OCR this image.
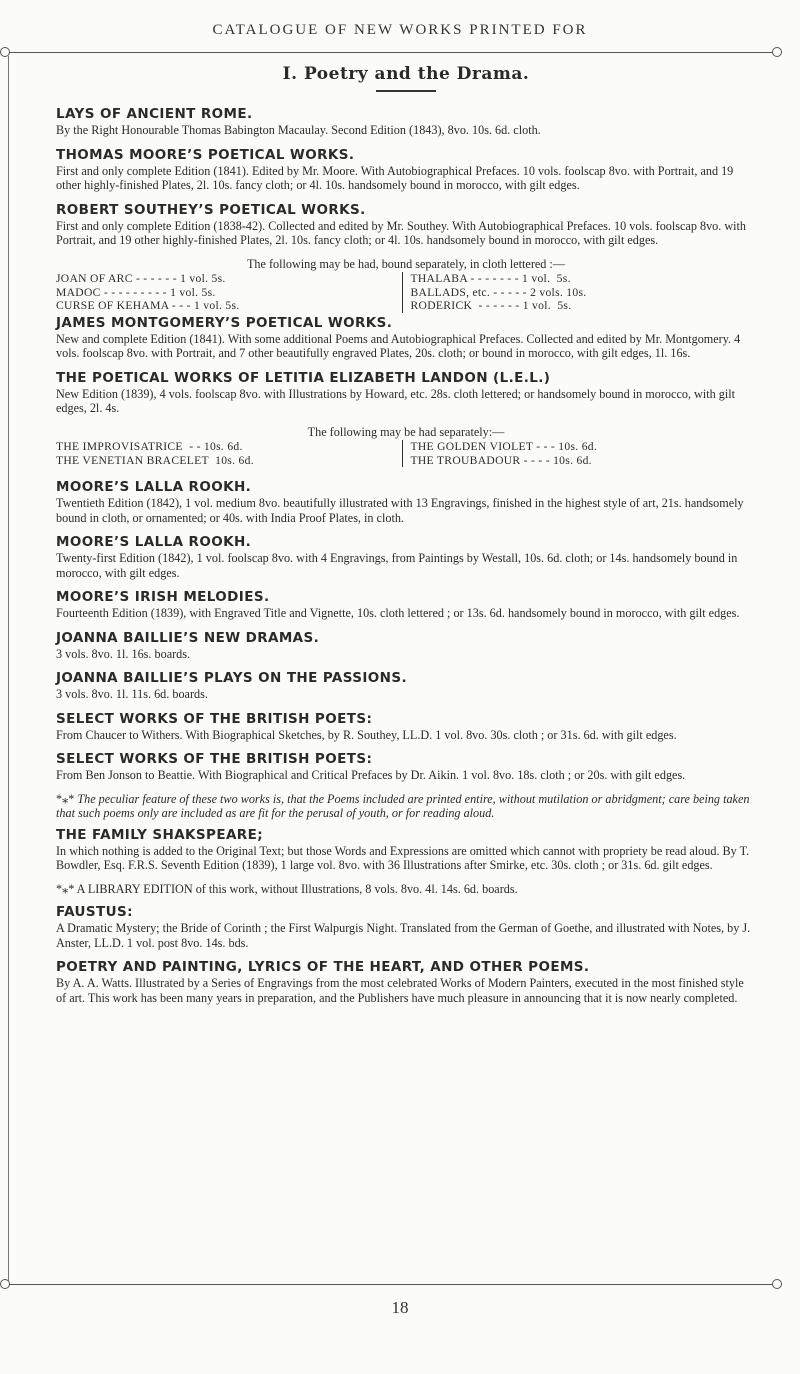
CATALOGUE OF NEW WORKS PRINTED FOR
I. Poetry and the Drama.
LAYS OF ANCIENT ROME.
By the Right Honourable Thomas Babington Macaulay. Second Edition (1843), 8vo. 10s. 6d. cloth.
THOMAS MOORE’S POETICAL WORKS.
First and only complete Edition (1841). Edited by Mr. Moore. With Autobiographical Prefaces. 10 vols. foolscap 8vo. with Portrait, and 19 other highly-finished Plates, 2l. 10s. fancy cloth; or 4l. 10s. handsomely bound in morocco, with gilt edges.
ROBERT SOUTHEY’S POETICAL WORKS.
First and only complete Edition (1838-42). Collected and edited by Mr. Southey. With Autobiographical Prefaces. 10 vols. foolscap 8vo. with Portrait, and 19 other highly-finished Plates, 2l. 10s. fancy cloth; or 4l. 10s. handsomely bound in morocco, with gilt edges.
The following may be had, bound separately, in cloth lettered :—
JOAN OF ARC - - - - - - 1 vol. 5s.
MADOC - - - - - - - - - 1 vol. 5s.
CURSE OF KEHAMA - - - 1 vol. 5s.
THALABA - - - - - - - 1 vol.  5s.
BALLADS, etc. - - - - - 2 vols. 10s.
RODERICK  - - - - - - 1 vol.  5s.
JAMES MONTGOMERY’S POETICAL WORKS.
New and complete Edition (1841). With some additional Poems and Autobiographical Prefaces. Collected and edited by Mr. Montgomery. 4 vols. foolscap 8vo. with Portrait, and 7 other beautifully engraved Plates, 20s. cloth; or bound in morocco, with gilt edges, 1l. 16s.
THE POETICAL WORKS OF LETITIA ELIZABETH LANDON (L.E.L.)
New Edition (1839), 4 vols. foolscap 8vo. with Illustrations by Howard, etc. 28s. cloth lettered; or handsomely bound in morocco, with gilt edges, 2l. 4s.
The following may be had separately:—
THE IMPROVISATRICE  - - 10s. 6d.
THE VENETIAN BRACELET  10s. 6d.
THE GOLDEN VIOLET - - - 10s. 6d.
THE TROUBADOUR - - - - 10s. 6d.
MOORE’S LALLA ROOKH.
Twentieth Edition (1842), 1 vol. medium 8vo. beautifully illustrated with 13 Engravings, finished in the highest style of art, 21s. handsomely bound in cloth, or ornamented; or 40s. with India Proof Plates, in cloth.
MOORE’S LALLA ROOKH.
Twenty-first Edition (1842), 1 vol. foolscap 8vo. with 4 Engravings, from Paintings by Westall, 10s. 6d. cloth; or 14s. handsomely bound in morocco, with gilt edges.
MOORE’S IRISH MELODIES.
Fourteenth Edition (1839), with Engraved Title and Vignette, 10s. cloth lettered ; or 13s. 6d. handsomely bound in morocco, with gilt edges.
JOANNA BAILLIE’S NEW DRAMAS.
3 vols. 8vo. 1l. 16s. boards.
JOANNA BAILLIE’S PLAYS ON THE PASSIONS.
3 vols. 8vo. 1l. 11s. 6d. boards.
SELECT WORKS OF THE BRITISH POETS:
From Chaucer to Withers. With Biographical Sketches, by R. Southey, LL.D. 1 vol. 8vo. 30s. cloth ; or 31s. 6d. with gilt edges.
SELECT WORKS OF THE BRITISH POETS:
From Ben Jonson to Beattie. With Biographical and Critical Prefaces by Dr. Aikin. 1 vol. 8vo. 18s. cloth ; or 20s. with gilt edges.
*⁎* The peculiar feature of these two works is, that the Poems included are printed entire, without mutilation or abridgment; care being taken that such poems only are included as are fit for the perusal of youth, or for reading aloud.
THE FAMILY SHAKSPEARE;
In which nothing is added to the Original Text; but those Words and Expressions are omitted which cannot with propriety be read aloud. By T. Bowdler, Esq. F.R.S. Seventh Edition (1839), 1 large vol. 8vo. with 36 Illustrations after Smirke, etc. 30s. cloth ; or 31s. 6d. gilt edges.
*⁎* A LIBRARY EDITION of this work, without Illustrations, 8 vols. 8vo. 4l. 14s. 6d. boards.
FAUSTUS:
A Dramatic Mystery; the Bride of Corinth ; the First Walpurgis Night. Translated from the German of Goethe, and illustrated with Notes, by J. Anster, LL.D. 1 vol. post 8vo. 14s. bds.
POETRY AND PAINTING, LYRICS OF THE HEART, AND OTHER POEMS.
By A. A. Watts. Illustrated by a Series of Engravings from the most celebrated Works of Modern Painters, executed in the most finished style of art. This work has been many years in preparation, and the Publishers have much pleasure in announcing that it is now nearly completed.
18
